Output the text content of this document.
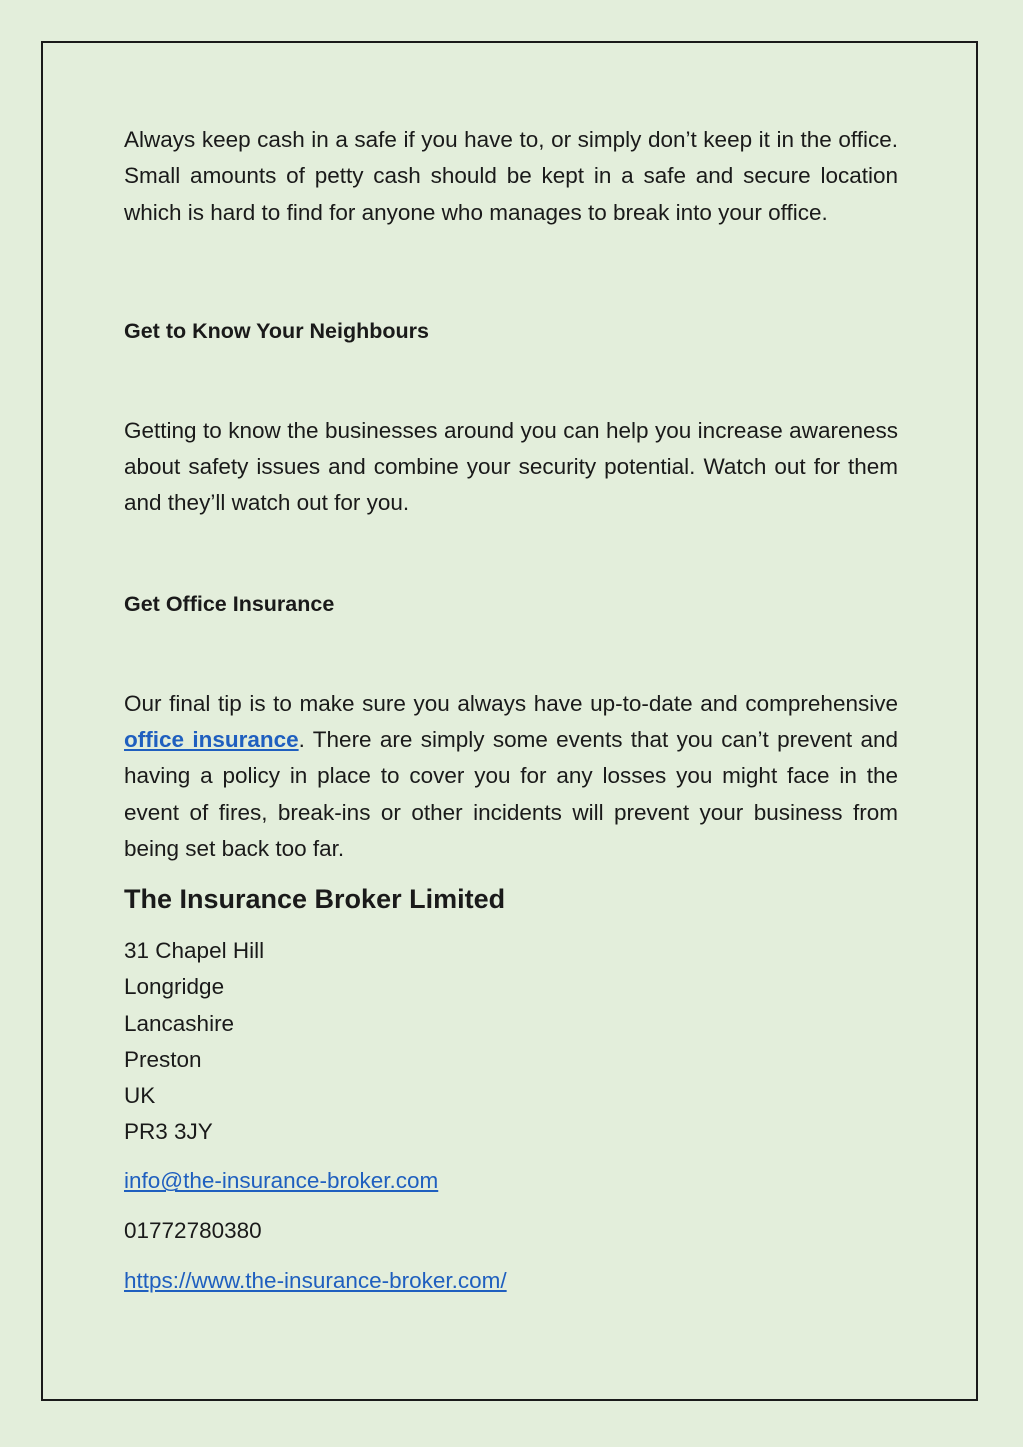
Always keep cash in a safe if you have to, or simply don’t keep it in the office. Small amounts of petty cash should be kept in a safe and secure location which is hard to find for anyone who manages to break into your office.

Get to Know Your Neighbours

Getting to know the businesses around you can help you increase awareness about safety issues and combine your security potential. Watch out for them and they’ll watch out for you.

Get Office Insurance

Our final tip is to make sure you always have up-to-date and comprehensive office insurance. There are simply some events that you can’t prevent and having a policy in place to cover you for any losses you might face in the event of fires, break-ins or other incidents will prevent your business from being set back too far.

The Insurance Broker Limited
31 Chapel Hill
Longridge
Lancashire
Preston
UK
PR3 3JY
info@the-insurance-broker.com
01772780380
https://www.the-insurance-broker.com/
